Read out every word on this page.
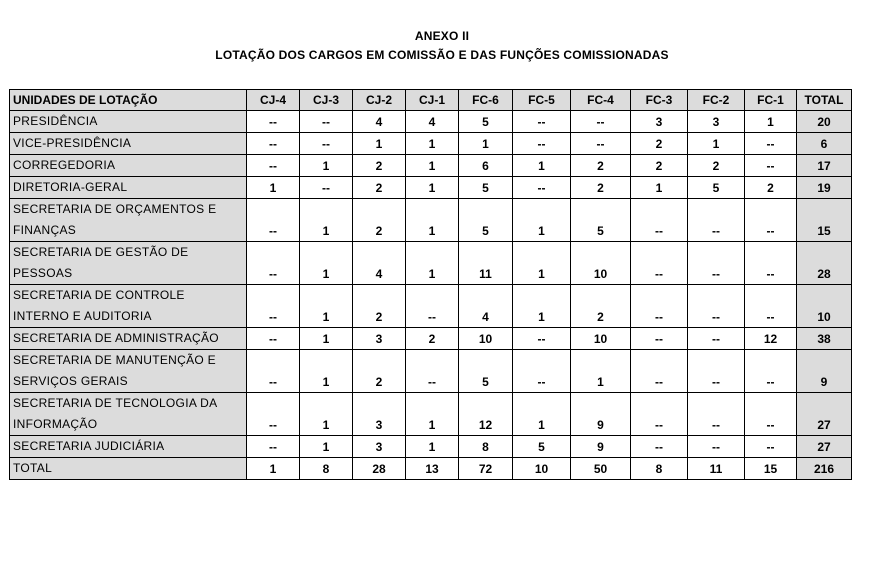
ANEXO II
LOTAÇÃO DOS CARGOS EM COMISSÃO E DAS FUNÇÕES COMISSIONADAS
UNIDADES DE LOTAÇÃO	CJ-4	CJ-3	CJ-2	CJ-1	FC-6	FC-5	FC-4	FC-3	FC-2	FC-1	TOTAL
PRESIDÊNCIA	--	--	4	4	5	--	--	3	3	1	20
VICE-PRESIDÊNCIA	--	--	1	1	1	--	--	2	1	--	6
CORREGEDORIA	--	1	2	1	6	1	2	2	2	--	17
DIRETORIA-GERAL	1	--	2	1	5	--	2	1	5	2	19

SECRETARIA DE ORÇAMENTOS E
FINANÇAS	--	1	2	1	5	1	5	--	--	--	15

SECRETARIA DE GESTÃO DE
PESSOAS	--	1	4	1	11	1	10	--	--	--	28

SECRETARIA DE CONTROLE
INTERNO E AUDITORIA	--	1	2	--	4	1	2	--	--	--	10
SECRETARIA DE ADMINISTRAÇÃO	--	1	3	2	10	--	10	--	--	12	38

SECRETARIA DE MANUTENÇÃO E
SERVIÇOS GERAIS	--	1	2	--	5	--	1	--	--	--	9

SECRETARIA DE TECNOLOGIA DA
INFORMAÇÃO	--	1	3	1	12	1	9	--	--	--	27
SECRETARIA JUDICIÁRIA	--	1	3	1	8	5	9	--	--	--	27
TOTAL	1	8	28	13	72	10	50	8	11	15	216
